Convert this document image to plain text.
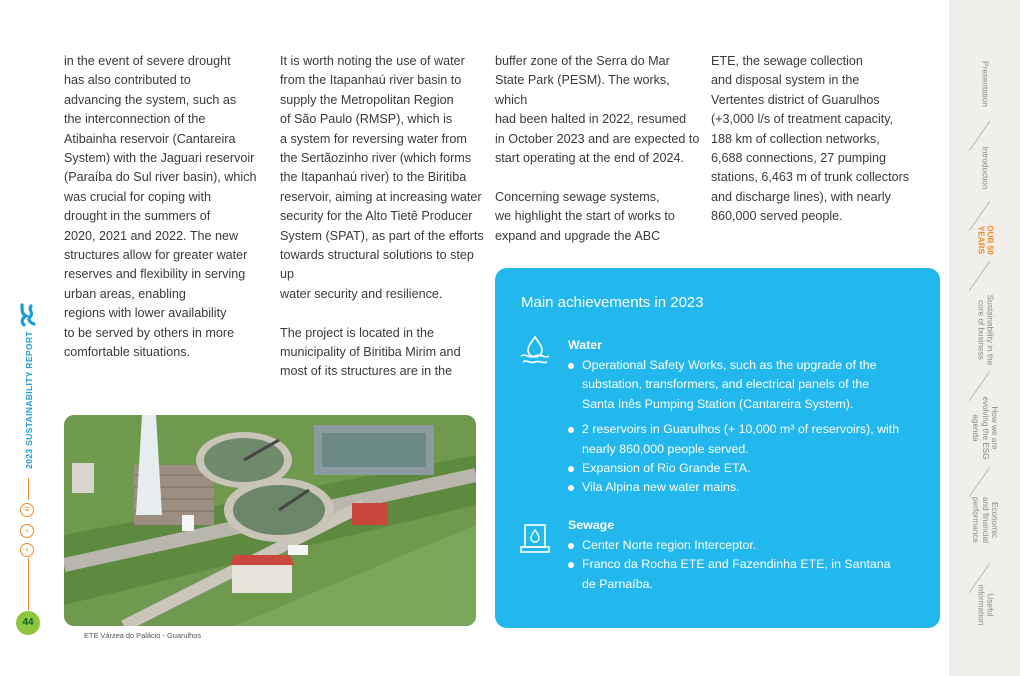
in the event of severe drought
has also contributed to
advancing the system, such as
the interconnection of the
Atibainha reservoir (Cantareira
System) with the Jaguari reservoir
(Paraíba do Sul river basin), which
was crucial for coping with
drought in the summers of
2020, 2021 and 2022. The new
structures allow for greater water
reserves and flexibility in serving
urban areas, enabling
regions with lower availability
to be served by others in more
comfortable situations.

It is worth noting the use of water
from the Itapanhaú river basin to
supply the Metropolitan Region
of São Paulo (RMSP), which is
a system for reversing water from
the Sertãozinho river (which forms
the Itapanhaú river) to the Biritiba
reservoir, aiming at increasing water
security for the Alto Tietê Producer
System (SPAT), as part of the efforts
towards structural solutions to step up
water security and resilience.

The project is located in the
municipality of Biritiba Mirim and
most of its structures are in the

buffer zone of the Serra do Mar
State Park (PESM). The works, which
had been halted in 2022, resumed
in October 2023 and are expected to
start operating at the end of 2024.

Concerning sewage systems,
we highlight the start of works to
expand and upgrade the ABC

ETE, the sewage collection
and disposal system in the
Vertentes district of Guarulhos
(+3,000 l/s of treatment capacity,
188 km of collection networks,
6,688 connections, 27 pumping
stations, 6,463 m of trunk collectors
and discharge lines), with nearly
860,000 served people.

2023 SUSTAINABILITY REPORT
≡
›
‹
44
ETE Várzea do Palácio - Guarulhos
Main achievements in 2023
Water
Operational Safety Works, such as the upgrade of the
substation, transformers, and electrical panels of the
Santa Inês Pumping Station (Cantareira System).
2 reservoirs in Guarulhos (+ 10,000 m³ of reservoirs), with
nearly 860,000 people served.
Expansion of Rio Grande ETA.
Vila Alpina new water mains.
Sewage
Center Norte region Interceptor.
Franco da Rocha ETE and Fazendinha ETE, in Santana
de Parnaíba.
Presentation
Introduction
OUR 50
YEARS
Sustainability in the
core of business
How we are
evolving the ESG
agenda
Economic
and financial
performance
Useful
information
